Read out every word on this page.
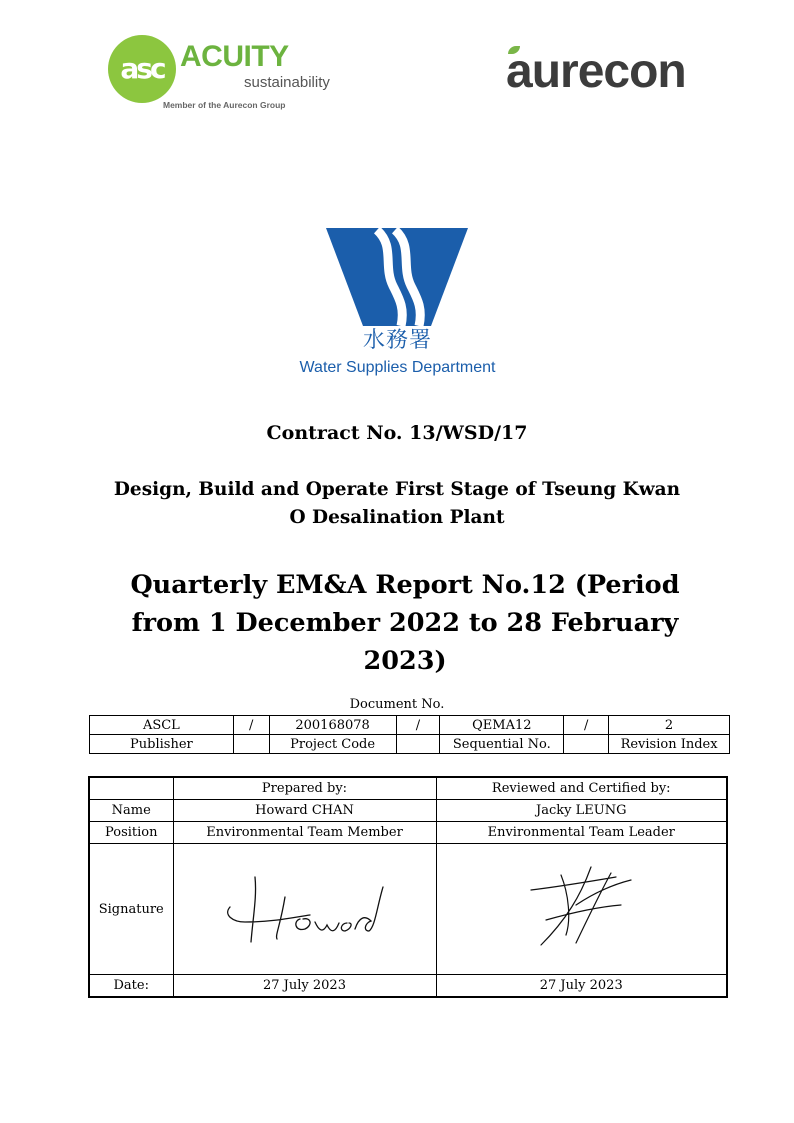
asc ACUITY
sustainability
Member of the Aurecon Group
aurecon
水務署
Water Supplies Department
Contract No. 13/WSD/17
Design, Build and Operate First Stage of Tseung Kwan O Desalination Plant
Quarterly EM&A Report No.12 (Period from 1 December 2022 to 28 February 2023)
Document No.
ASCL	/	200168078	/	QEMA12	/	2
Publisher		Project Code		Sequential No.		Revision Index
	Prepared by:	Reviewed and Certified by:
Name	Howard CHAN	Jacky LEUNG
Position	Environmental Team Member	Environmental Team Leader
Signature		
Date:	27 July 2023	27 July 2023
